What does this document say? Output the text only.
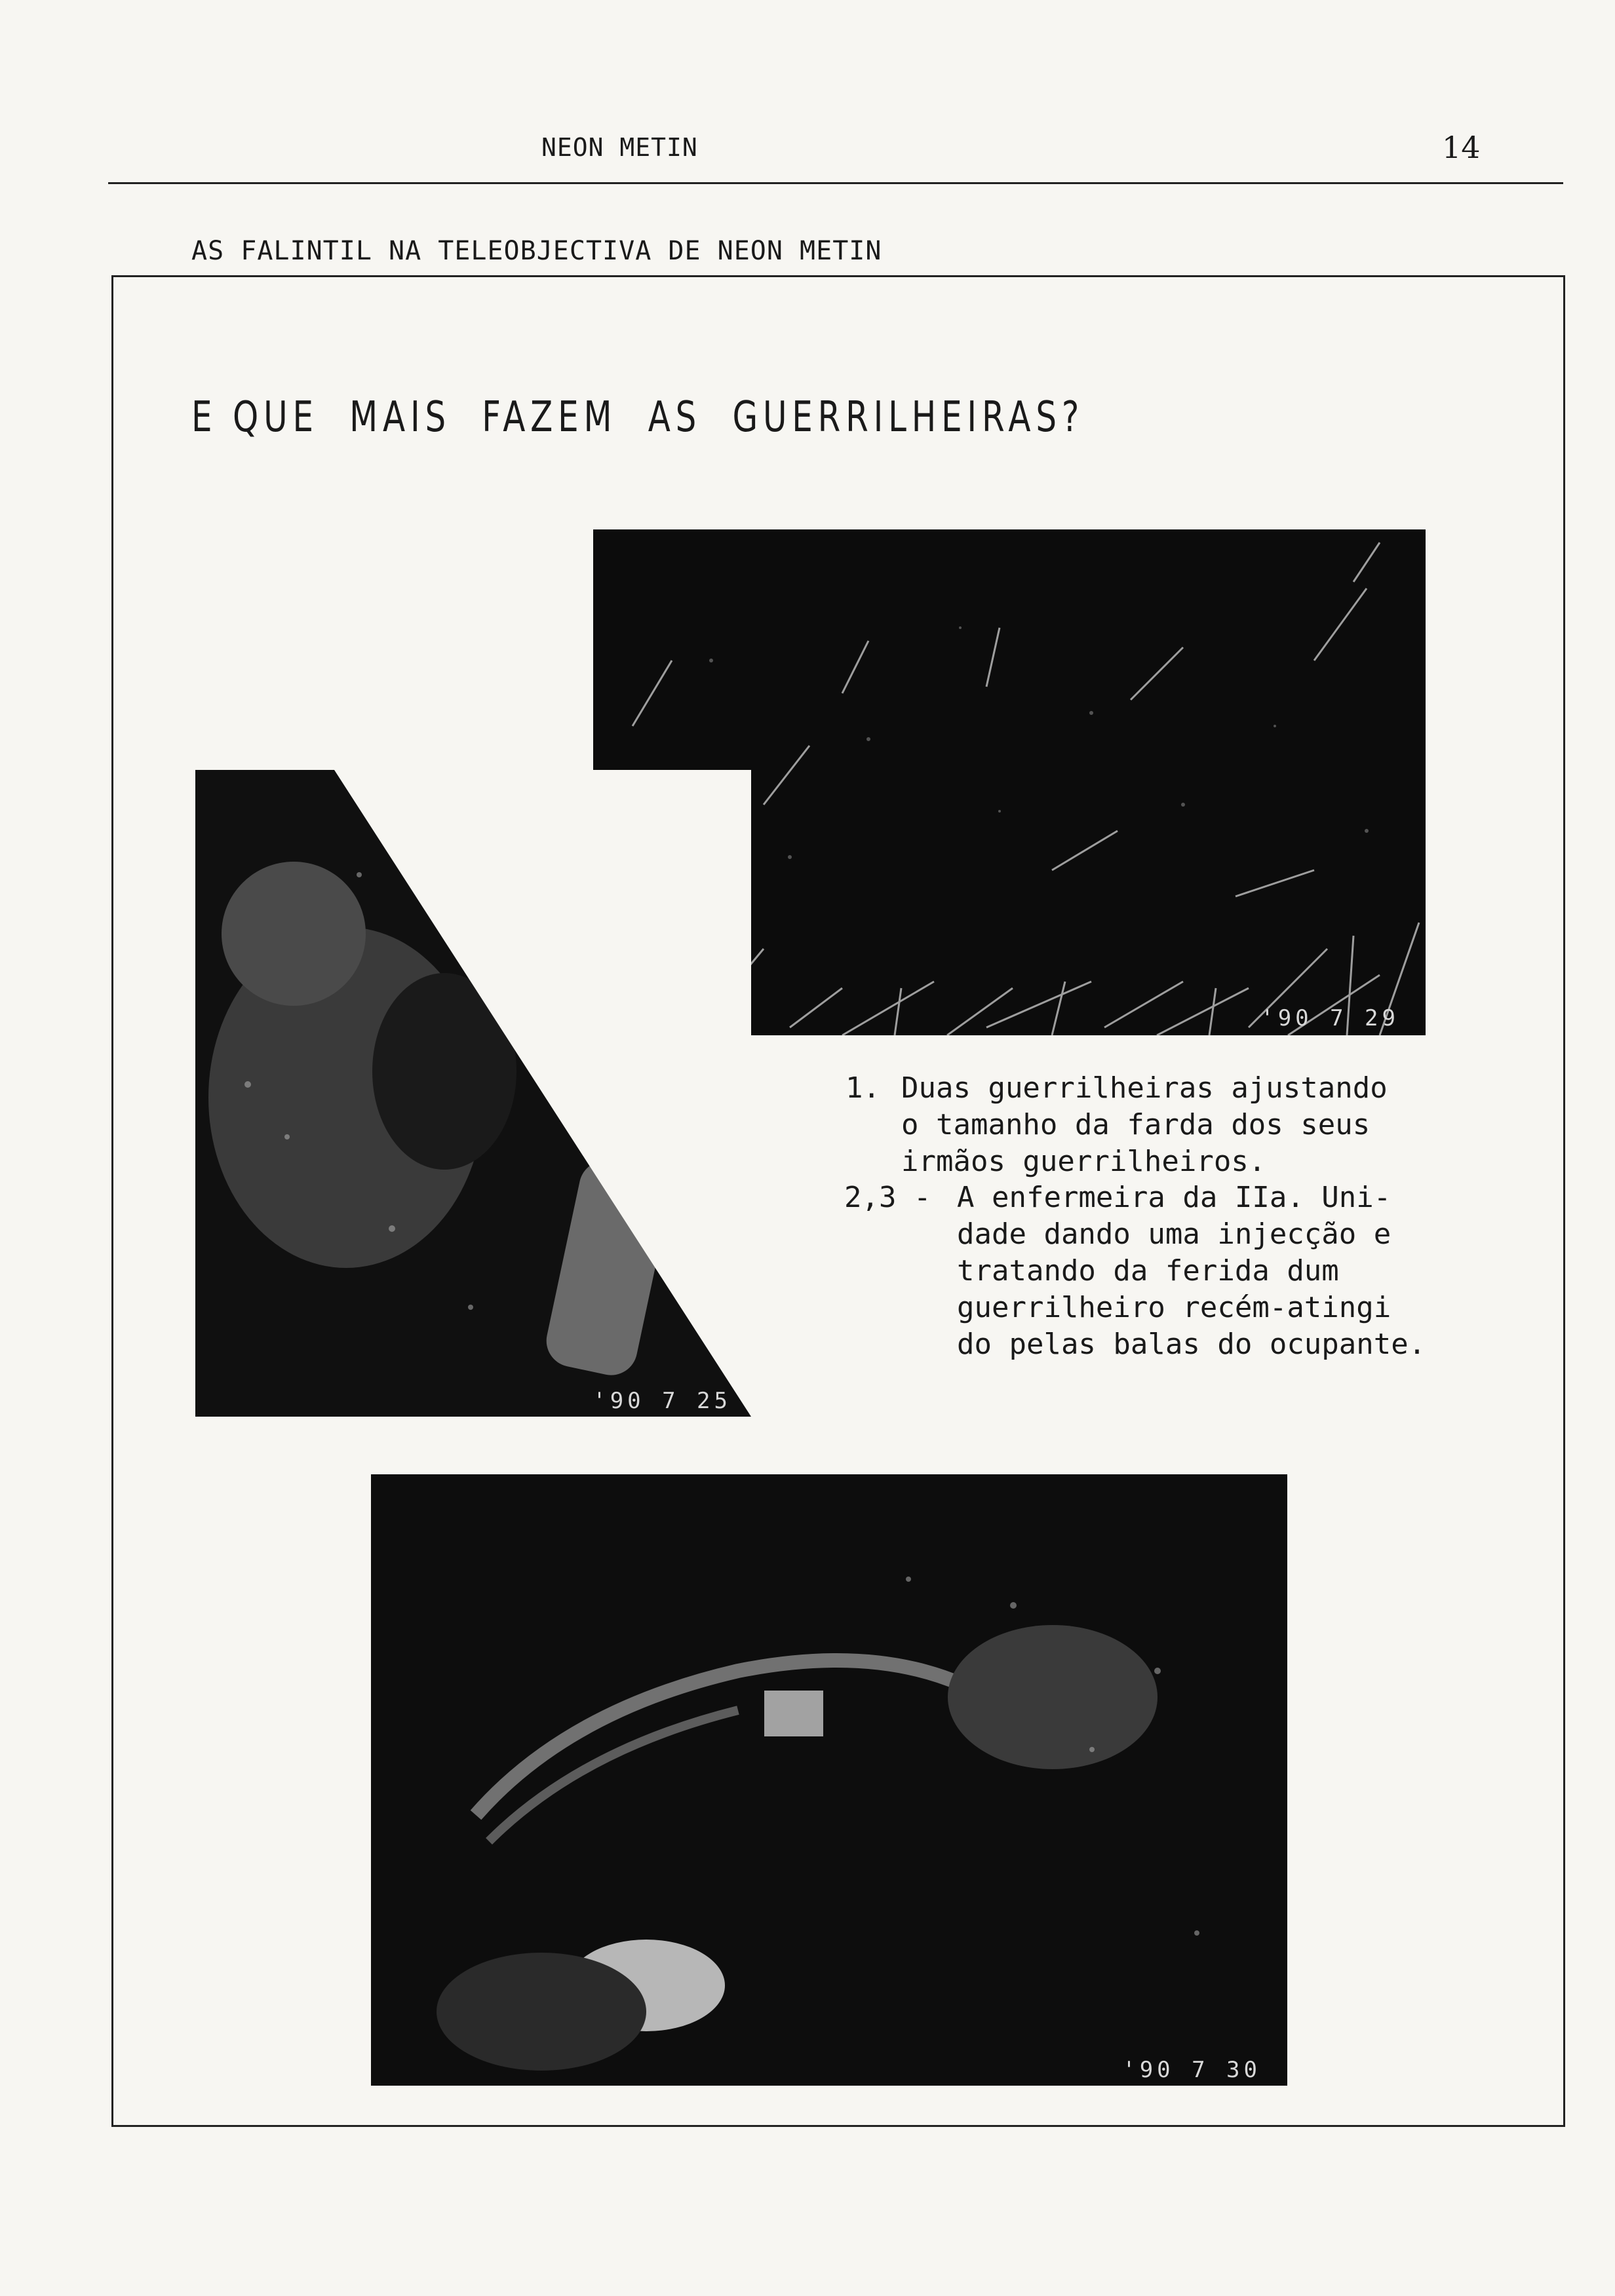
NEON METIN	14
AS FALINTIL NA TELEOBJECTIVA DE NEON METIN
E QUE  MAIS  FAZEM  AS  GUERRILHEIRAS?
'90 7 29
'90 7 25
'90 7 30
1. Duas guerrilheiras ajustando
o tamanho da farda dos seus
irmãos guerrilheiros.
2,3 - A enfermeira da IIa. Uni-
dade dando uma injecção e
tratando da ferida dum
guerrilheiro recém-atingi
do pelas balas do ocupante.
